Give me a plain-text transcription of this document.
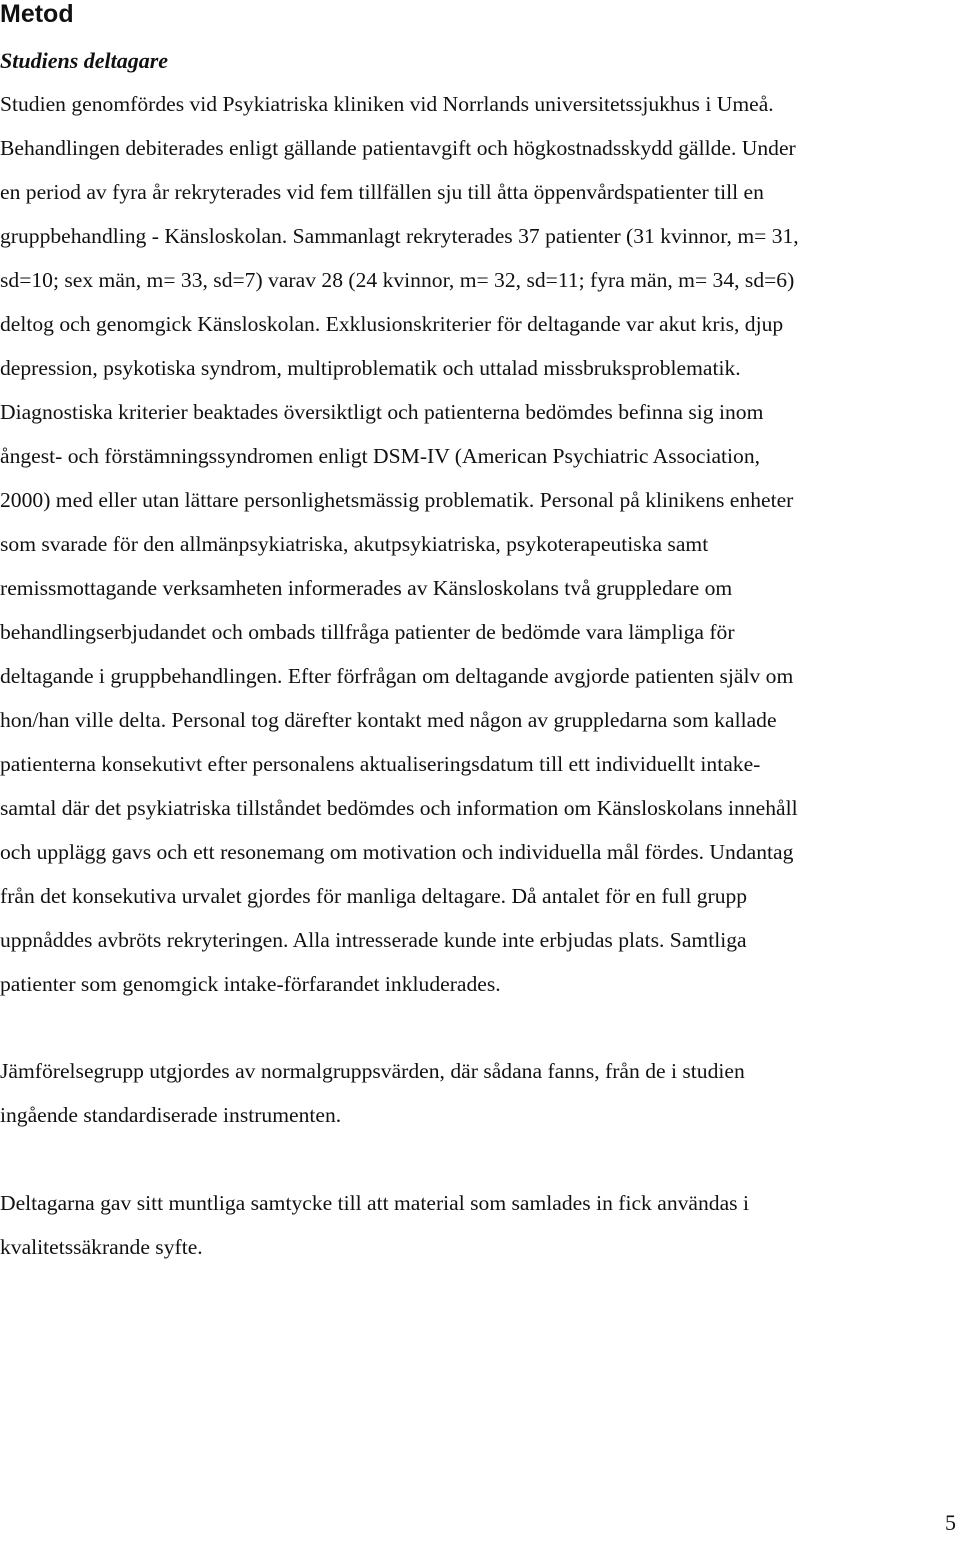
Metod
Studiens deltagare

Studien genomfördes vid Psykiatriska kliniken vid Norrlands universitetssjukhus i Umeå.

Behandlingen debiterades enligt gällande patientavgift och högkostnadsskydd gällde. Under

en period av fyra år rekryterades vid fem tillfällen sju till åtta öppenvårdspatienter till en

gruppbehandling - Känsloskolan. Sammanlagt rekryterades 37 patienter (31 kvinnor, m= 31,

sd=10; sex män, m= 33, sd=7) varav 28 (24 kvinnor, m= 32, sd=11; fyra män, m= 34, sd=6)

deltog och genomgick Känsloskolan. Exklusionskriterier för deltagande var akut kris, djup

depression, psykotiska syndrom, multiproblematik och uttalad missbruksproblematik.

Diagnostiska kriterier beaktades översiktligt och patienterna bedömdes befinna sig inom

ångest- och förstämningssyndromen enligt DSM-IV (American Psychiatric Association,

2000) med eller utan lättare personlighetsmässig problematik. Personal på klinikens enheter

som svarade för den allmänpsykiatriska, akutpsykiatriska, psykoterapeutiska samt

remissmottagande verksamheten informerades av Känsloskolans två gruppledare om

behandlingserbjudandet och ombads tillfråga patienter de bedömde vara lämpliga för

deltagande i gruppbehandlingen. Efter förfrågan om deltagande avgjorde patienten själv om

hon/han ville delta. Personal tog därefter kontakt med någon av gruppledarna som kallade

patienterna konsekutivt efter personalens aktualiseringsdatum till ett individuellt intake-

samtal där det psykiatriska tillståndet bedömdes och information om Känsloskolans innehåll

och upplägg gavs och ett resonemang om motivation och individuella mål fördes. Undantag

från det konsekutiva urvalet gjordes för manliga deltagare. Då antalet för en full grupp

uppnåddes avbröts rekryteringen. Alla intresserade kunde inte erbjudas plats. Samtliga

patienter som genomgick intake-förfarandet inkluderades.

Jämförelsegrupp utgjordes av normalgruppsvärden, där sådana fanns, från de i studien

ingående standardiserade instrumenten.

Deltagarna gav sitt muntliga samtycke till att material som samlades in fick användas i

kvalitetssäkrande syfte.

5
